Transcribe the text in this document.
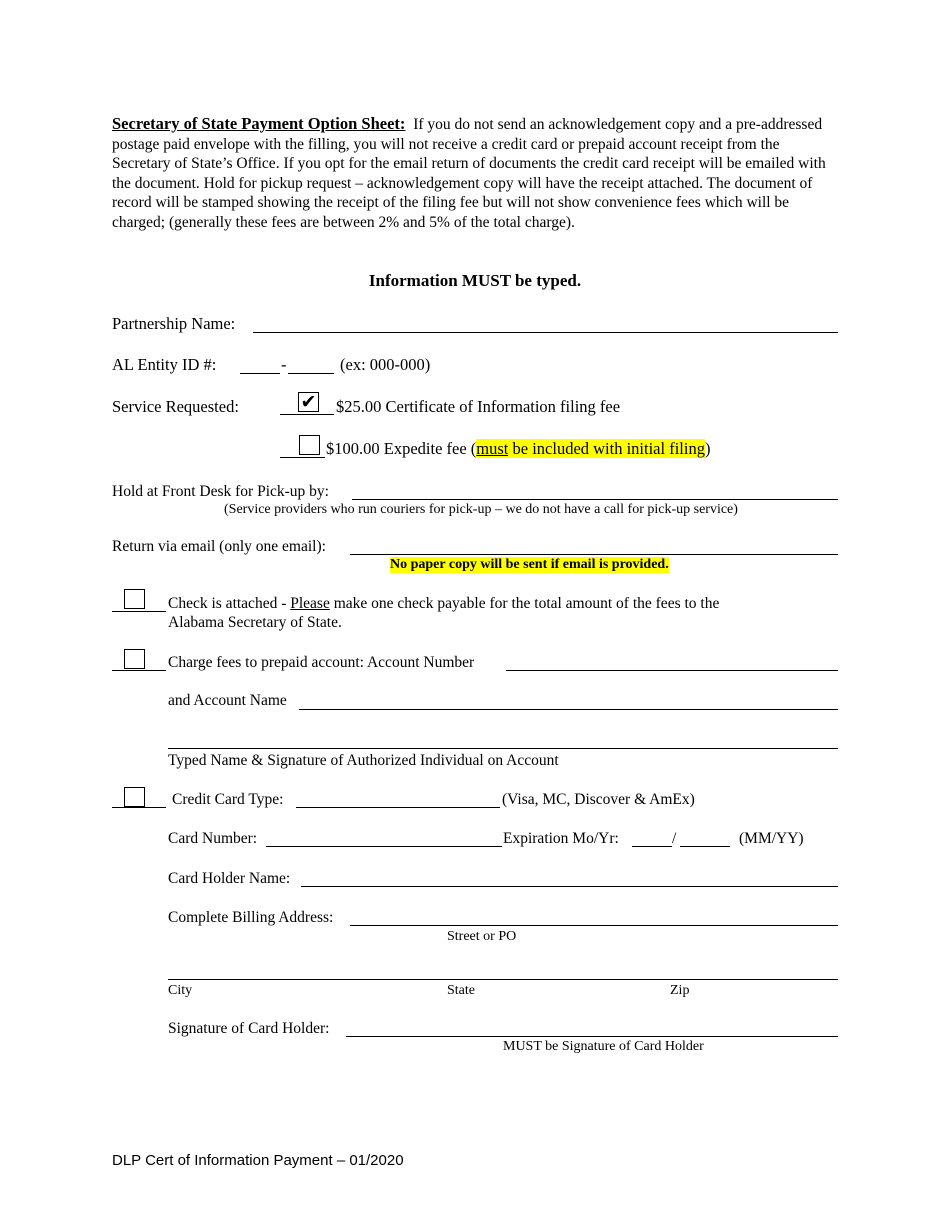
Secretary of State Payment Option Sheet: If you do not send an acknowledgement copy and a pre-addressed postage paid envelope with the filling, you will not receive a credit card or prepaid account receipt from the Secretary of State’s Office. If you opt for the email return of documents the credit card receipt will be emailed with the document. Hold for pickup request – acknowledgement copy will have the receipt attached. The document of record will be stamped showing the receipt of the filing fee but will not show convenience fees which will be charged; (generally these fees are between 2% and 5% of the total charge).
Information MUST be typed.
Partnership Name:
AL Entity ID #:	-	(ex: 000-000)
Service Requested:	✔ $25.00 Certificate of Information filing fee
$100.00 Expedite fee (must be included with initial filing)
Hold at Front Desk for Pick-up by:
(Service providers who run couriers for pick-up – we do not have a call for pick-up service)
Return via email (only one email):
No paper copy will be sent if email is provided.
Check is attached - Please make one check payable for the total amount of the fees to the
Alabama Secretary of State.
Charge fees to prepaid account: Account Number
and Account Name
Typed Name & Signature of Authorized Individual on Account
Credit Card Type:	(Visa, MC, Discover & AmEx)
Card Number:	Expiration Mo/Yr:	/	(MM/YY)
Card Holder Name:
Complete Billing Address:
Street or PO
City	State	Zip
Signature of Card Holder:
MUST be Signature of Card Holder
DLP Cert of Information Payment – 01/2020
